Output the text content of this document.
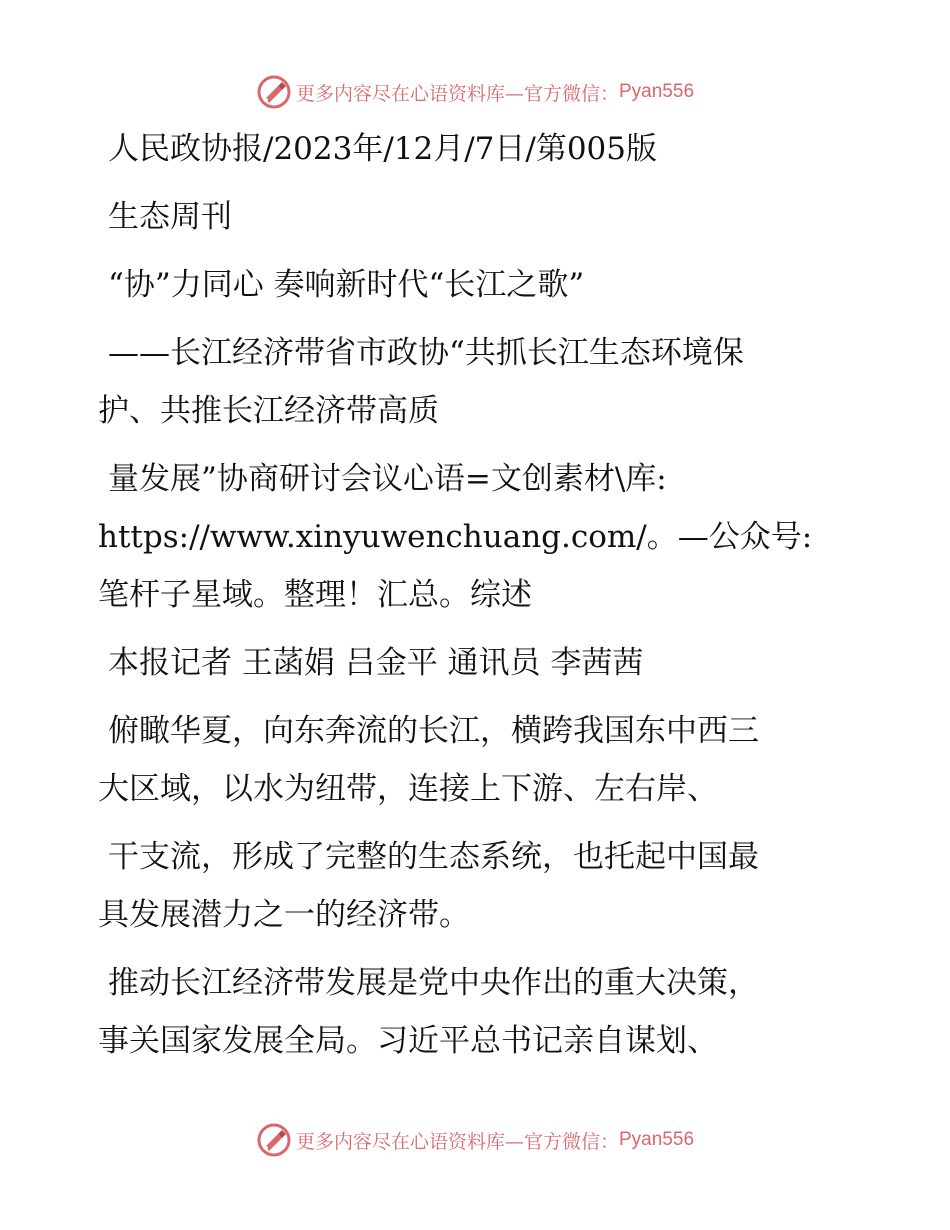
更多内容尽在心语资料库—官方微信： Pyan556
人民政协报/2023年/12月/7日/第005版
生态周刊
“协”力同心 奏响新时代“长江之歌”
——长江经济带省市政协“共抓长江生态环境保
护、共推长江经济带高质
量发展”协商研讨会议心语=文创素材\库:
https://www.xinyuwenchuang.com/。—公众号:
笔杆子星域。整理！汇总。综述
本报记者 王菡娟 吕金平 通讯员 李茜茜
俯瞰华夏，向东奔流的长江，横跨我国东中西三
大区域，以水为纽带，连接上下游、左右岸、
干支流，形成了完整的生态系统，也托起中国最
具发展潜力之一的经济带。
推动长江经济带发展是党中央作出的重大决策，
事关国家发展全局。习近平总书记亲自谋划、
更多内容尽在心语资料库—官方微信： Pyan556
